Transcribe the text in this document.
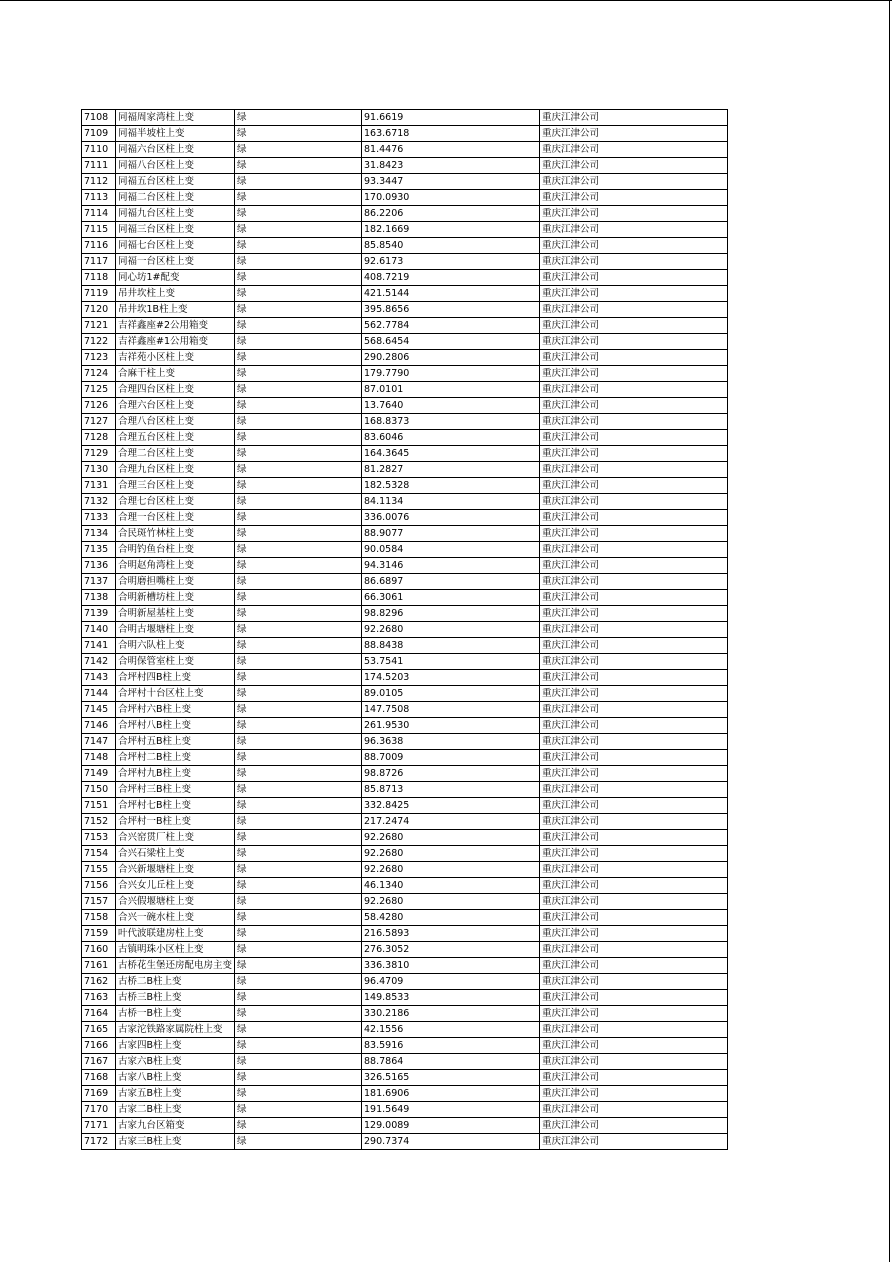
7108	同福周家湾柱上变	绿	91.6619	重庆江津公司
7109	同福半坡柱上变	绿	163.6718	重庆江津公司
7110	同福六台区柱上变	绿	81.4476	重庆江津公司
7111	同福八台区柱上变	绿	31.8423	重庆江津公司
7112	同福五台区柱上变	绿	93.3447	重庆江津公司
7113	同福二台区柱上变	绿	170.0930	重庆江津公司
7114	同福九台区柱上变	绿	86.2206	重庆江津公司
7115	同福三台区柱上变	绿	182.1669	重庆江津公司
7116	同福七台区柱上变	绿	85.8540	重庆江津公司
7117	同福一台区柱上变	绿	92.6173	重庆江津公司
7118	同心坊1#配变	绿	408.7219	重庆江津公司
7119	吊井坎柱上变	绿	421.5144	重庆江津公司
7120	吊井坎1B柱上变	绿	395.8656	重庆江津公司
7121	吉祥鑫座#2公用箱变	绿	562.7784	重庆江津公司
7122	吉祥鑫座#1公用箱变	绿	568.6454	重庆江津公司
7123	吉祥苑小区柱上变	绿	290.2806	重庆江津公司
7124	合麻干柱上变	绿	179.7790	重庆江津公司
7125	合理四台区柱上变	绿	87.0101	重庆江津公司
7126	合理六台区柱上变	绿	13.7640	重庆江津公司
7127	合理八台区柱上变	绿	168.8373	重庆江津公司
7128	合理五台区柱上变	绿	83.6046	重庆江津公司
7129	合理二台区柱上变	绿	164.3645	重庆江津公司
7130	合理九台区柱上变	绿	81.2827	重庆江津公司
7131	合理三台区柱上变	绿	182.5328	重庆江津公司
7132	合理七台区柱上变	绿	84.1134	重庆江津公司
7133	合理一台区柱上变	绿	336.0076	重庆江津公司
7134	合民斑竹林柱上变	绿	88.9077	重庆江津公司
7135	合明钓鱼台柱上变	绿	90.0584	重庆江津公司
7136	合明赵角湾柱上变	绿	94.3146	重庆江津公司
7137	合明磨担嘴柱上变	绿	86.6897	重庆江津公司
7138	合明新槽坊柱上变	绿	66.3061	重庆江津公司
7139	合明新屋基柱上变	绿	98.8296	重庆江津公司
7140	合明古堰塘柱上变	绿	92.2680	重庆江津公司
7141	合明六队柱上变	绿	88.8438	重庆江津公司
7142	合明保管室柱上变	绿	53.7541	重庆江津公司
7143	合坪村四B柱上变	绿	174.5203	重庆江津公司
7144	合坪村十台区柱上变	绿	89.0105	重庆江津公司
7145	合坪村六B柱上变	绿	147.7508	重庆江津公司
7146	合坪村八B柱上变	绿	261.9530	重庆江津公司
7147	合坪村五B柱上变	绿	96.3638	重庆江津公司
7148	合坪村二B柱上变	绿	88.7009	重庆江津公司
7149	合坪村九B柱上变	绿	98.8726	重庆江津公司
7150	合坪村三B柱上变	绿	85.8713	重庆江津公司
7151	合坪村七B柱上变	绿	332.8425	重庆江津公司
7152	合坪村一B柱上变	绿	217.2474	重庆江津公司
7153	合兴窑贯厂柱上变	绿	92.2680	重庆江津公司
7154	合兴石梁柱上变	绿	92.2680	重庆江津公司
7155	合兴新堰塘柱上变	绿	92.2680	重庆江津公司
7156	合兴女儿丘柱上变	绿	46.1340	重庆江津公司
7157	合兴假堰塘柱上变	绿	92.2680	重庆江津公司
7158	合兴一碗水柱上变	绿	58.4280	重庆江津公司
7159	叶代波联建房柱上变	绿	216.5893	重庆江津公司
7160	古镇明珠小区柱上变	绿	276.3052	重庆江津公司
7161	古桥花生堡还房配电房主变	绿	336.3810	重庆江津公司
7162	古桥二B柱上变	绿	96.4709	重庆江津公司
7163	古桥三B柱上变	绿	149.8533	重庆江津公司
7164	古桥一B柱上变	绿	330.2186	重庆江津公司
7165	古家沱铁路家属院柱上变	绿	42.1556	重庆江津公司
7166	古家四B柱上变	绿	83.5916	重庆江津公司
7167	古家六B柱上变	绿	88.7864	重庆江津公司
7168	古家八B柱上变	绿	326.5165	重庆江津公司
7169	古家五B柱上变	绿	181.6906	重庆江津公司
7170	古家二B柱上变	绿	191.5649	重庆江津公司
7171	古家九台区箱变	绿	129.0089	重庆江津公司
7172	古家三B柱上变	绿	290.7374	重庆江津公司
